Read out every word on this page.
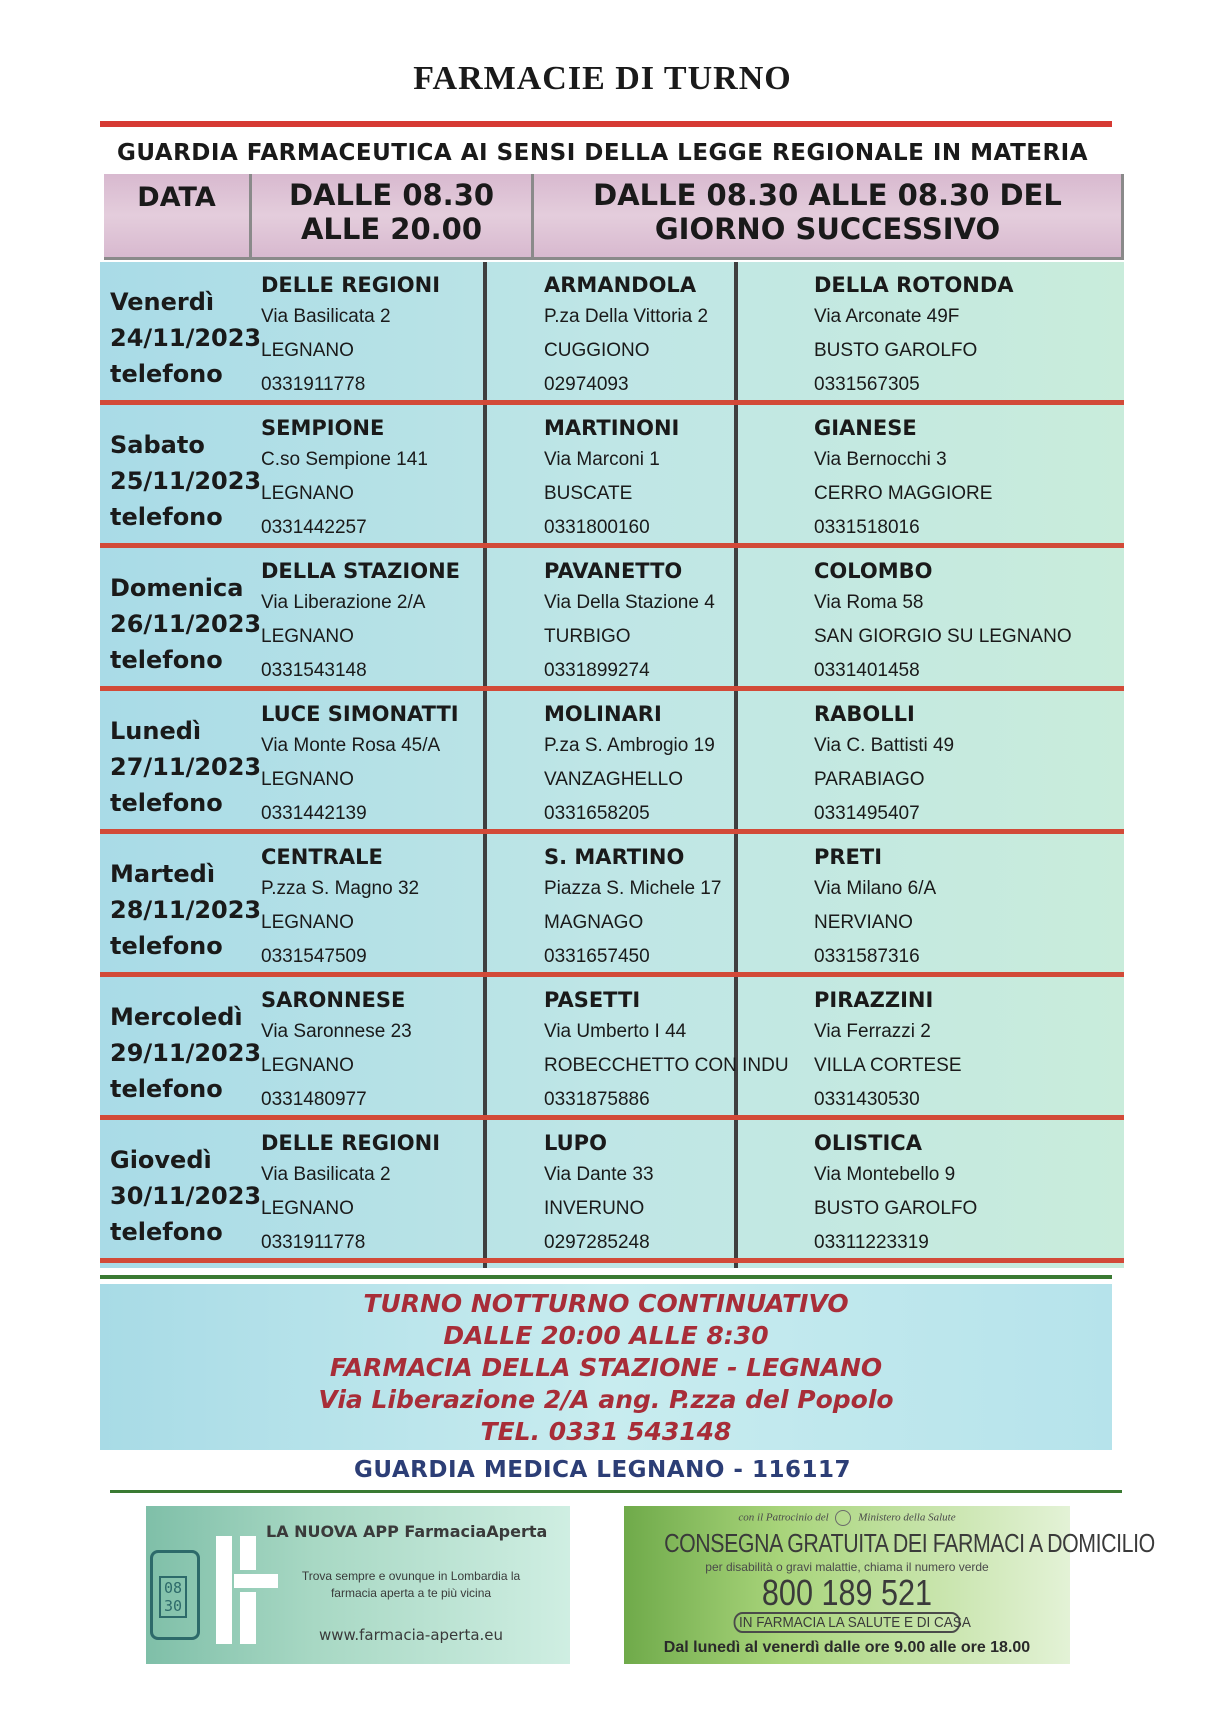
FARMACIE DI TURNO
GUARDIA FARMACEUTICA AI SENSI DELLA LEGGE REGIONALE IN MATERIA
DATA	DALLE 08.30
ALLE 20.00
DALLE 08.30 ALLE 08.30 DEL
GIORNO SUCCESSIVO
Venerdì
24/11/2023
telefono
DELLE REGIONI
Via Basilicata 2
LEGNANO
0331911778
ARMANDOLA
P.za Della Vittoria 2
CUGGIONO
02974093
DELLA ROTONDA
Via Arconate 49F
BUSTO GAROLFO
0331567305
Sabato
25/11/2023
telefono
SEMPIONE
C.so Sempione 141
LEGNANO
0331442257
MARTINONI
Via Marconi 1
BUSCATE
0331800160
GIANESE
Via Bernocchi 3
CERRO MAGGIORE
0331518016
Domenica
26/11/2023
telefono
DELLA STAZIONE
Via Liberazione 2/A
LEGNANO
0331543148
PAVANETTO
Via Della Stazione 4
TURBIGO
0331899274
COLOMBO
Via Roma 58
SAN GIORGIO SU LEGNANO
0331401458
Lunedì
27/11/2023
telefono
LUCE SIMONATTI
Via Monte Rosa 45/A
LEGNANO
0331442139
MOLINARI
P.za S. Ambrogio 19
VANZAGHELLO
0331658205
RABOLLI
Via C. Battisti 49
PARABIAGO
0331495407
Martedì
28/11/2023
telefono
CENTRALE
P.zza S. Magno 32
LEGNANO
0331547509
S. MARTINO
Piazza S. Michele 17
MAGNAGO
0331657450
PRETI
Via Milano 6/A
NERVIANO
0331587316
Mercoledì
29/11/2023
telefono
SARONNESE
Via Saronnese 23
LEGNANO
0331480977
PASETTI
Via Umberto I 44
ROBECCHETTO CON INDU
0331875886
PIRAZZINI
Via Ferrazzi 2
VILLA CORTESE
0331430530
Giovedì
30/11/2023
telefono
DELLE REGIONI
Via Basilicata 2
LEGNANO
0331911778
LUPO
Via Dante 33
INVERUNO
0297285248
OLISTICA
Via Montebello 9
BUSTO GAROLFO
03311223319
TURNO NOTTURNO CONTINUATIVO
DALLE 20:00 ALLE 8:30
FARMACIA DELLA STAZIONE - LEGNANO
Via Liberazione 2/A ang. P.zza del Popolo
TEL. 0331 543148
GUARDIA MEDICA LEGNANO - 116117
08
30
LA NUOVA APP FarmaciaAperta
Trova sempre e ovunque in Lombardia la
farmacia aperta a te più vicina
www.farmacia-aperta.eu
con il Patrocinio del	Ministero della Salute
CONSEGNA GRATUITA DEI FARMACI A DOMICILIO
per disabilità o gravi malattie, chiama il numero verde
800 189 521
IN FARMACIA LA SALUTE E DI CASA
Dal lunedì al venerdì dalle ore 9.00 alle ore 18.00
